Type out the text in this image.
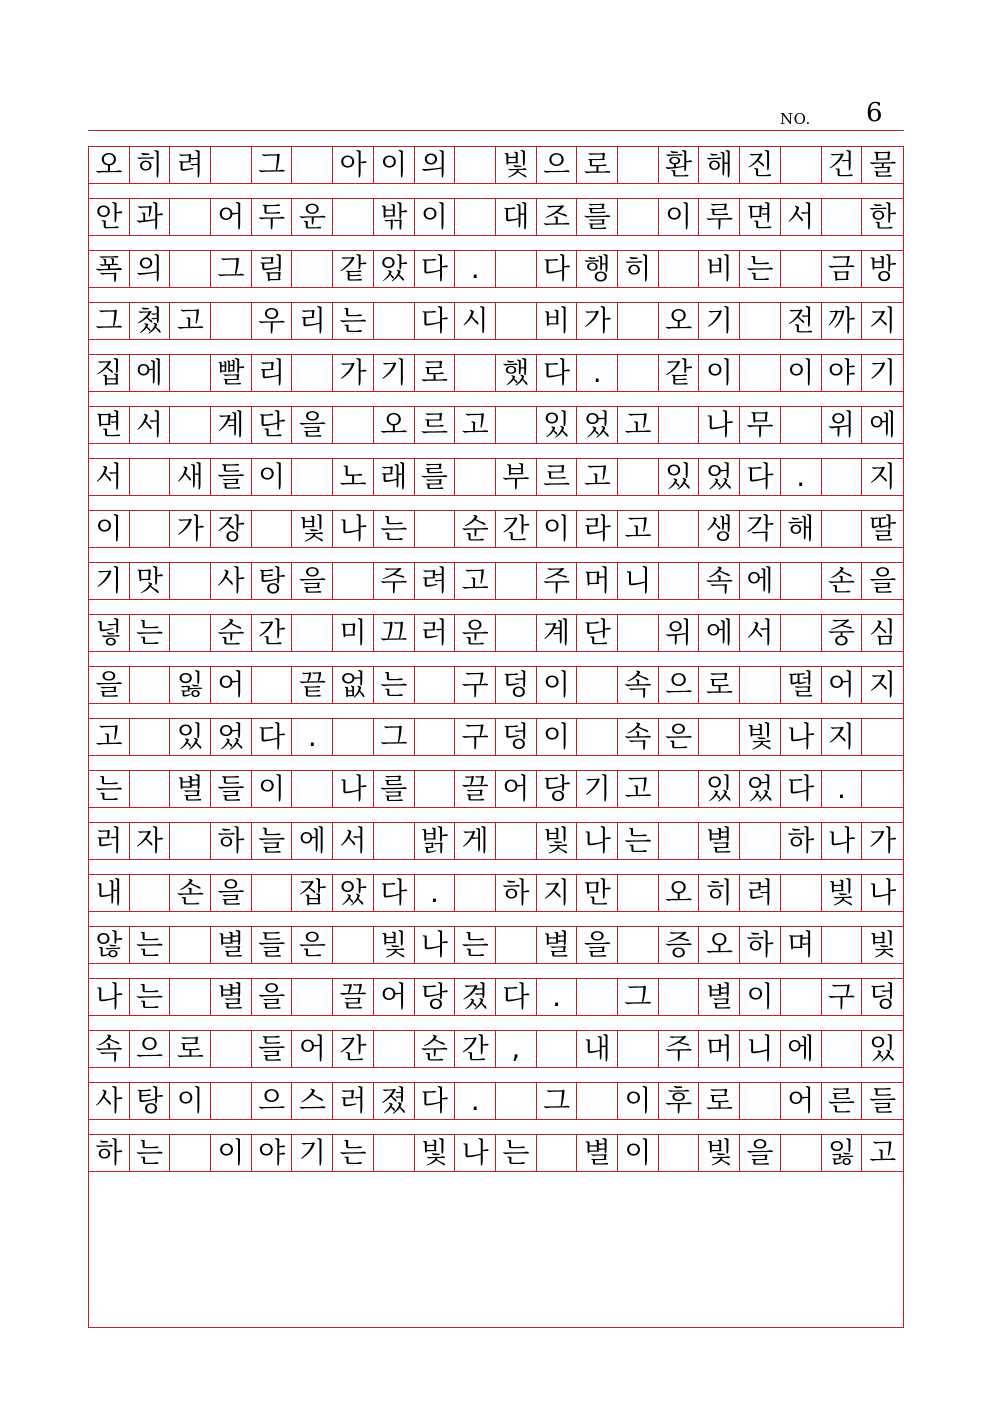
NO. 6
오 히 려 그 아 이 의 빛 으 로 환 해 진 건 물
안 과 어 두 운 밖 이 대 조 를 이 루 면 서 한
폭 의 그 림 같 았 다 .	다 행 히 비 는 금 방
그 쳤 고 우 리 는 다 시 비 가 오 기 전 까 지
집 에 빨 리 가 기 로 했 다 .	같 이 이 야 기
면 서 계 단 을 오 르 고 있 었 고 나 무 위 에
서 새 들 이 노 래 를 부 르 고 있 었 다 .	지
이 가 장 빛 나 는 순 간 이 라 고 생 각 해 딸
기 맛 사 탕 을 주 려 고 주 머 니 속 에 손 을
넣 는 순 간 미 끄 러 운 계 단 위 에 서 중 심
을 잃 어 끝 없 는 구 덩 이 속 으 로 떨 어 지
고 있 었 다 .	그 구 덩 이 속 은 빛 나 지
는 별 들 이 나 를 끌 어 당 기 고 있 었 다 .
러 자 하 늘 에 서 밝 게 빛 나 는 별 하 나 가
내 손 을 잡 았 다 .	하 지 만 오 히 려 빛 나
않 는 별 들 은 빛 나 는 별 을 증 오 하 며 빛
나 는 별 을 끌 어 당 겼 다 .	그 별 이 구 덩
속 으 로 들 어 간 순 간 ,	내 주 머 니 에 있
사 탕 이 으 스 러 졌 다 .	그 이 후 로 어 른 들
하 는 이 야 기 는 빛 나 는 별 이 빛 을 잃 고
